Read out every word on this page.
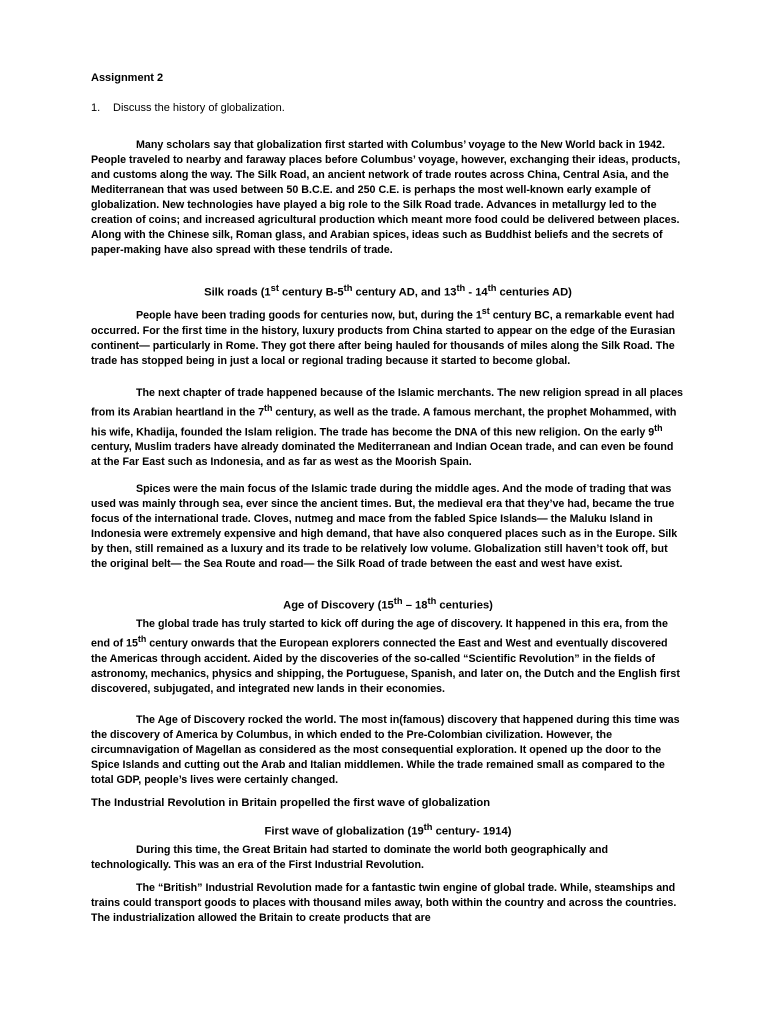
Assignment 2
1. Discuss the history of globalization.

Many scholars say that globalization first started with Columbus’ voyage to the New World back in 1942. People traveled to nearby and faraway places before Columbus’ voyage, however, exchanging their ideas, products, and customs along the way. The Silk Road, an ancient network of trade routes across China, Central Asia, and the Mediterranean that was used between 50 B.C.E. and 250 C.E. is perhaps the most well-known early example of globalization. New technologies have played a big role to the Silk Road trade. Advances in metallurgy led to the creation of coins; and increased agricultural production which meant more food could be delivered between places. Along with the Chinese silk, Roman glass, and Arabian spices, ideas such as Buddhist beliefs and the secrets of paper-making have also spread with these tendrils of trade.

Silk roads (1st century B-5th century AD, and 13th - 14th centuries AD)

People have been trading goods for centuries now, but, during the 1st century BC, a remarkable event had occurred. For the first time in the history, luxury products from China started to appear on the edge of the Eurasian continent— particularly in Rome. They got there after being hauled for thousands of miles along the Silk Road. The trade has stopped being in just a local or regional trading because it started to become global.

The next chapter of trade happened because of the Islamic merchants. The new religion spread in all places from its Arabian heartland in the 7th century, as well as the trade. A famous merchant, the prophet Mohammed, with his wife, Khadija, founded the Islam religion. The trade has become the DNA of this new religion. On the early 9th century, Muslim traders have already dominated the Mediterranean and Indian Ocean trade, and can even be found at the Far East such as Indonesia, and as far as west as the Moorish Spain.

Spices were the main focus of the Islamic trade during the middle ages. And the mode of trading that was used was mainly through sea, ever since the ancient times. But, the medieval era that they’ve had, became the true focus of the international trade. Cloves, nutmeg and mace from the fabled Spice Islands— the Maluku Island in Indonesia were extremely expensive and high demand, that have also conquered places such as in the Europe. Silk by then, still remained as a luxury and its trade to be relatively low volume. Globalization still haven’t took off, but the original belt— the Sea Route and road— the Silk Road of trade between the east and west have exist.

Age of Discovery (15th – 18th centuries)

The global trade has truly started to kick off during the age of discovery. It happened in this era, from the end of 15th century onwards that the European explorers connected the East and West and eventually discovered the Americas through accident. Aided by the discoveries of the so-called “Scientific Revolution” in the fields of astronomy, mechanics, physics and shipping, the Portuguese, Spanish, and later on, the Dutch and the English first discovered, subjugated, and integrated new lands in their economies.

The Age of Discovery rocked the world. The most in(famous) discovery that happened during this time was the discovery of America by Columbus, in which ended to the Pre-Colombian civilization. However, the circumnavigation of Magellan as considered as the most consequential exploration. It opened up the door to the Spice Islands and cutting out the Arab and Italian middlemen. While the trade remained small as compared to the total GDP, people’s lives were certainly changed.

The Industrial Revolution in Britain propelled the first wave of globalization

First wave of globalization (19th century- 1914)

During this time, the Great Britain had started to dominate the world both geographically and technologically. This was an era of the First Industrial Revolution.

The “British” Industrial Revolution made for a fantastic twin engine of global trade. While, steamships and trains could transport goods to places with thousand miles away, both within the country and across the countries. The industrialization allowed the Britain to create products that are
